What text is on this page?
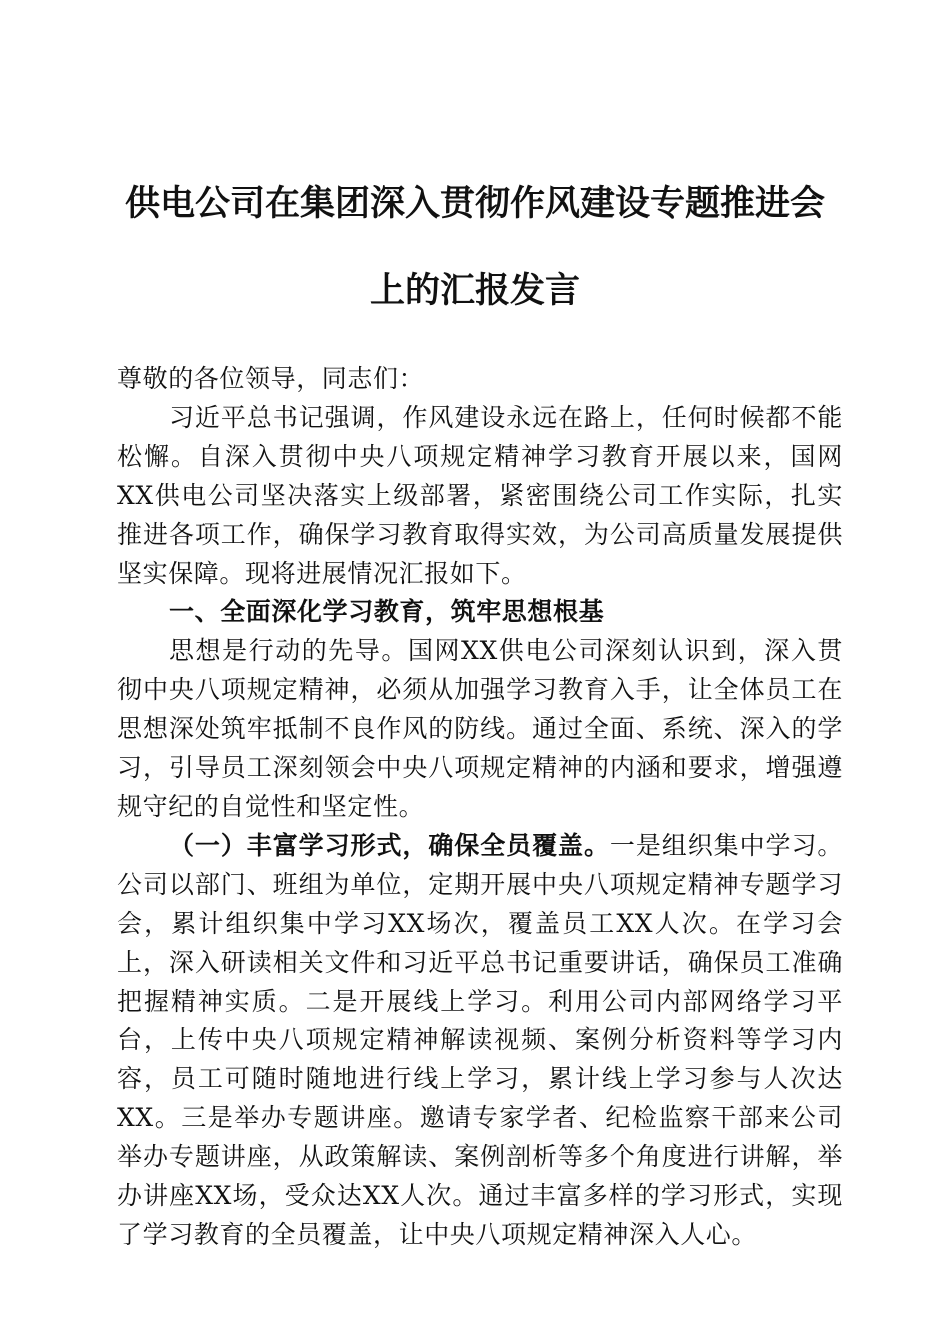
供电公司在集团深入贯彻作风建设专题推进会
上的汇报发言

尊敬的各位领导，同志们：

习近平总书记强调，作风建设永远在路上，任何时候都不能松懈。自深入贯彻中央八项规定精神学习教育开展以来，国网XX供电公司坚决落实上级部署，紧密围绕公司工作实际，扎实推进各项工作，确保学习教育取得实效，为公司高质量发展提供坚实保障。现将进展情况汇报如下。

一、全面深化学习教育，筑牢思想根基

思想是行动的先导。国网XX供电公司深刻认识到，深入贯彻中央八项规定精神，必须从加强学习教育入手，让全体员工在思想深处筑牢抵制不良作风的防线。通过全面、系统、深入的学习，引导员工深刻领会中央八项规定精神的内涵和要求，增强遵规守纪的自觉性和坚定性。

（一）丰富学习形式，确保全员覆盖。一是组织集中学习。公司以部门、班组为单位，定期开展中央八项规定精神专题学习会，累计组织集中学习XX场次，覆盖员工XX人次。在学习会上，深入研读相关文件和习近平总书记重要讲话，确保员工准确把握精神实质。二是开展线上学习。利用公司内部网络学习平台，上传中央八项规定精神解读视频、案例分析资料等学习内容，员工可随时随地进行线上学习，累计线上学习参与人次达XX。三是举办专题讲座。邀请专家学者、纪检监察干部来公司举办专题讲座，从政策解读、案例剖析等多个角度进行讲解，举办讲座XX场，受众达XX人次。通过丰富多样的学习形式，实现了学习教育的全员覆盖，让中央八项规定精神深入人心。
